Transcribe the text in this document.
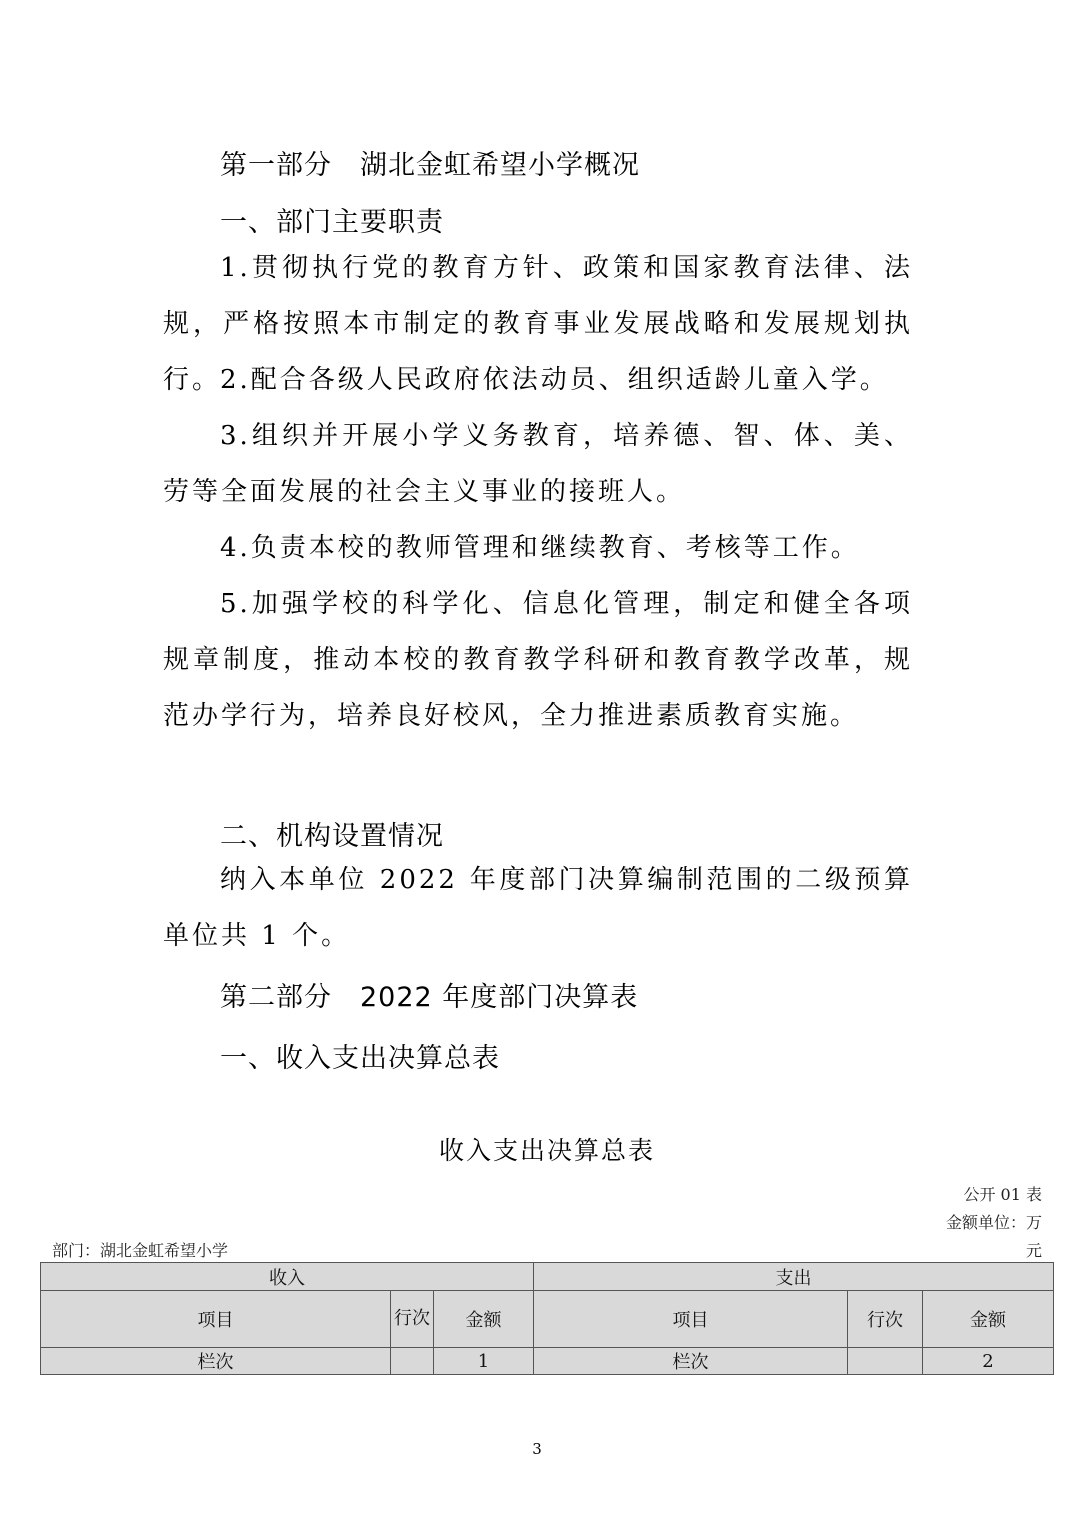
第一部分　湖北金虹希望小学概况
一、部门主要职责
1.贯彻执行党的教育方针、政策和国家教育法律、法规，严格按照本市制定的教育事业发展战略和发展规划执行。
2.配合各级人民政府依法动员、组织适龄儿童入学。
3.组织并开展小学义务教育，培养德、智、体、美、劳等全面发展的社会主义事业的接班人。
4.负责本校的教师管理和继续教育、考核等工作。
5.加强学校的科学化、信息化管理，制定和健全各项规章制度，推动本校的教育教学科研和教育教学改革，规范办学行为，培养良好校风，全力推进素质教育实施。
二、机构设置情况
纳入本单位 2022 年度部门决算编制范围的二级预算单位共 1 个。
第二部分　2022 年度部门决算表
一、收入支出决算总表
收入支出决算总表
公开 01 表
金额单位：万
元
部门：湖北金虹希望小学
收入			支出		
项目	行次	金额	项目	行次	金额
栏次		1	栏次		2
3
